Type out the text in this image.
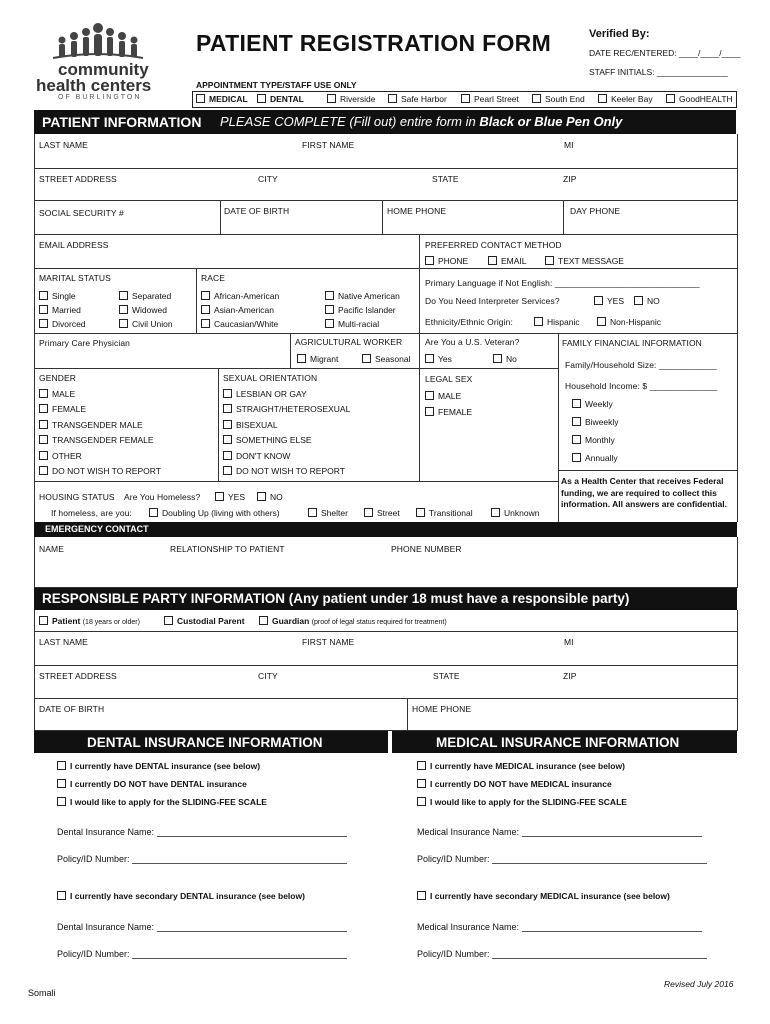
community
health centers
OF BURLINGTON
PATIENT REGISTRATION FORM	Verified By:
DATE REC/ENTERED: ____/____/____
STAFF INITIALS: _______________
APPOINTMENT TYPE/STAFF USE ONLY
MEDICAL	DENTAL	Riverside	Safe Harbor	Pearl Street	South End	Keeler Bay	GoodHEALTH
PATIENT INFORMATION PLEASE COMPLETE (Fill out) entire form in Black or Blue Pen Only
LAST NAME	FIRST NAME	MI
STREET ADDRESS	CITY	STATE	ZIP
SOCIAL SECURITY #	DATE OF BIRTH	HOME PHONE	DAY PHONE
EMAIL ADDRESS	PREFERRED CONTACT METHOD
PHONE	EMAIL	TEXT MESSAGE
MARITAL STATUS
Single	Separated
Married	Widowed
Divorced	Civil Union
RACE
African-American	Native American
Asian-American	Pacific Islander
Caucasian/White	Multi-racial
Primary Language if Not English: ______________________________
Do You Need Interpreter Services?	YES	NO
Ethnicity/Ethnic Origin:	Hispanic	Non-Hispanic
Primary Care Physician	AGRICULTURAL WORKER
Migrant	Seasonal
Are You a U.S. Veteran?
Yes	No
FAMILY FINANCIAL INFORMATION
Family/Household Size: ____________
Household Income: $ ______________
Weekly
Biweekly
Monthly
Annually
As a Health Center that receives Federal funding, we are required to collect this information. All answers are confidential.
GENDER
MALE
FEMALE
TRANSGENDER MALE
TRANSGENDER FEMALE
OTHER
DO NOT WISH TO REPORT
SEXUAL ORIENTATION
LESBIAN OR GAY
STRAIGHT/HETEROSEXUAL
BISEXUAL
SOMETHING ELSE
DON'T KNOW
DO NOT WISH TO REPORT
LEGAL SEX
MALE
FEMALE
HOUSING STATUS Are You Homeless?	YES	NO
If homeless, are you:	Doubling Up (living with others)	Shelter	Street	Transitional	Unknown
EMERGENCY CONTACT
NAME	RELATIONSHIP TO PATIENT	PHONE NUMBER
RESPONSIBLE PARTY INFORMATION (Any patient under 18 must have a responsible party)
Patient (18 years or older)	Custodial Parent	Guardian (proof of legal status required for treatment)
LAST NAME	FIRST NAME	MI
STREET ADDRESS	CITY	STATE	ZIP
DATE OF BIRTH	HOME PHONE
DENTAL INSURANCE INFORMATION	MEDICAL INSURANCE INFORMATION
I currently have DENTAL insurance (see below)
I currently DO NOT have DENTAL insurance
I would like to apply for the SLIDING-FEE SCALE
Dental Insurance Name:
Policy/ID Number:
I currently have secondary DENTAL insurance (see below)
Dental Insurance Name:
Policy/ID Number:
I currently have MEDICAL insurance (see below)
I currently DO NOT have MEDICAL insurance
I would like to apply for the SLIDING-FEE SCALE
Medical Insurance Name:
Policy/ID Number:
I currently have secondary MEDICAL insurance (see below)
Medical Insurance Name:
Policy/ID Number:
Revised July 2016
Somali
